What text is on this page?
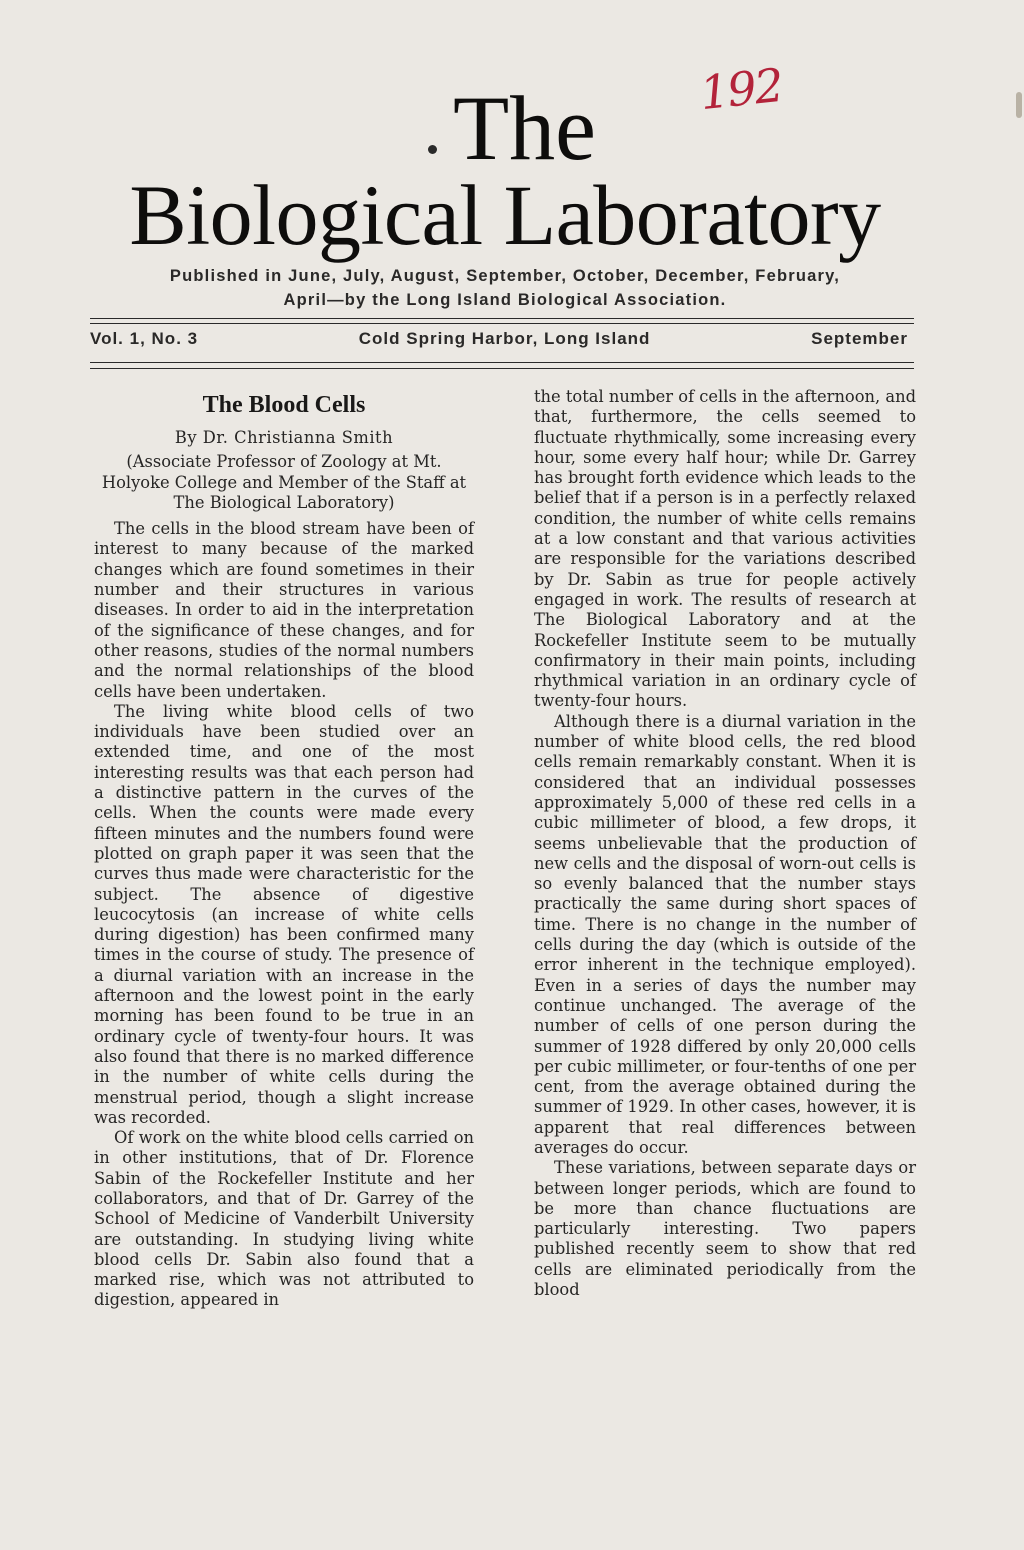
192
The
Biological Laboratory
Published in June, July, August, September, October, December, February,
April—by the Long Island Biological Association.
Vol. 1, No. 3	Cold Spring Harbor, Long Island	September
The Blood Cells
By Dr. Christianna Smith
(Associate Professor of Zoology at Mt. Holyoke College and Member of the Staff at The Biological Laboratory)

The cells in the blood stream have been of interest to many because of the marked changes which are found sometimes in their number and their structures in various diseases. In order to aid in the interpretation of the significance of these changes, and for other reasons, studies of the normal numbers and the normal relationships of the blood cells have been undertaken.

The living white blood cells of two individuals have been studied over an extended time, and one of the most interesting results was that each person had a distinctive pattern in the curves of the cells. When the counts were made every fifteen minutes and the numbers found were plotted on graph paper it was seen that the curves thus made were characteristic for the subject. The absence of digestive leucocytosis (an increase of white cells during digestion) has been confirmed many times in the course of study. The presence of a diurnal variation with an increase in the afternoon and the lowest point in the early morning has been found to be true in an ordinary cycle of twenty-four hours. It was also found that there is no marked difference in the number of white cells during the menstrual period, though a slight increase was recorded.

Of work on the white blood cells carried on in other institutions, that of Dr. Florence Sabin of the Rockefeller Institute and her collaborators, and that of Dr. Garrey of the School of Medicine of Vanderbilt University are outstanding. In studying living white blood cells Dr. Sabin also found that a marked rise, which was not attributed to digestion, appeared in

the total number of cells in the afternoon, and that, furthermore, the cells seemed to fluctuate rhythmically, some increasing every hour, some every half hour; while Dr. Garrey has brought forth evidence which leads to the belief that if a person is in a perfectly relaxed condition, the number of white cells remains at a low constant and that various activities are responsible for the variations described by Dr. Sabin as true for people actively engaged in work. The results of research at The Biological Laboratory and at the Rockefeller Institute seem to be mutually confirmatory in their main points, including rhythmical variation in an ordinary cycle of twenty-four hours.

Although there is a diurnal variation in the number of white blood cells, the red blood cells remain remarkably constant. When it is considered that an individual possesses approximately 5,000 of these red cells in a cubic millimeter of blood, a few drops, it seems unbelievable that the production of new cells and the disposal of worn-out cells is so evenly balanced that the number stays practically the same during short spaces of time. There is no change in the number of cells during the day (which is outside of the error inherent in the technique employed). Even in a series of days the number may continue unchanged. The average of the number of cells of one person during the summer of 1928 differed by only 20,000 cells per cubic millimeter, or four-tenths of one per cent, from the average obtained during the summer of 1929. In other cases, however, it is apparent that real differences between averages do occur.

These variations, between separate days or between longer periods, which are found to be more than chance fluctuations are particularly interesting. Two papers published recently seem to show that red cells are eliminated periodically from the blood
